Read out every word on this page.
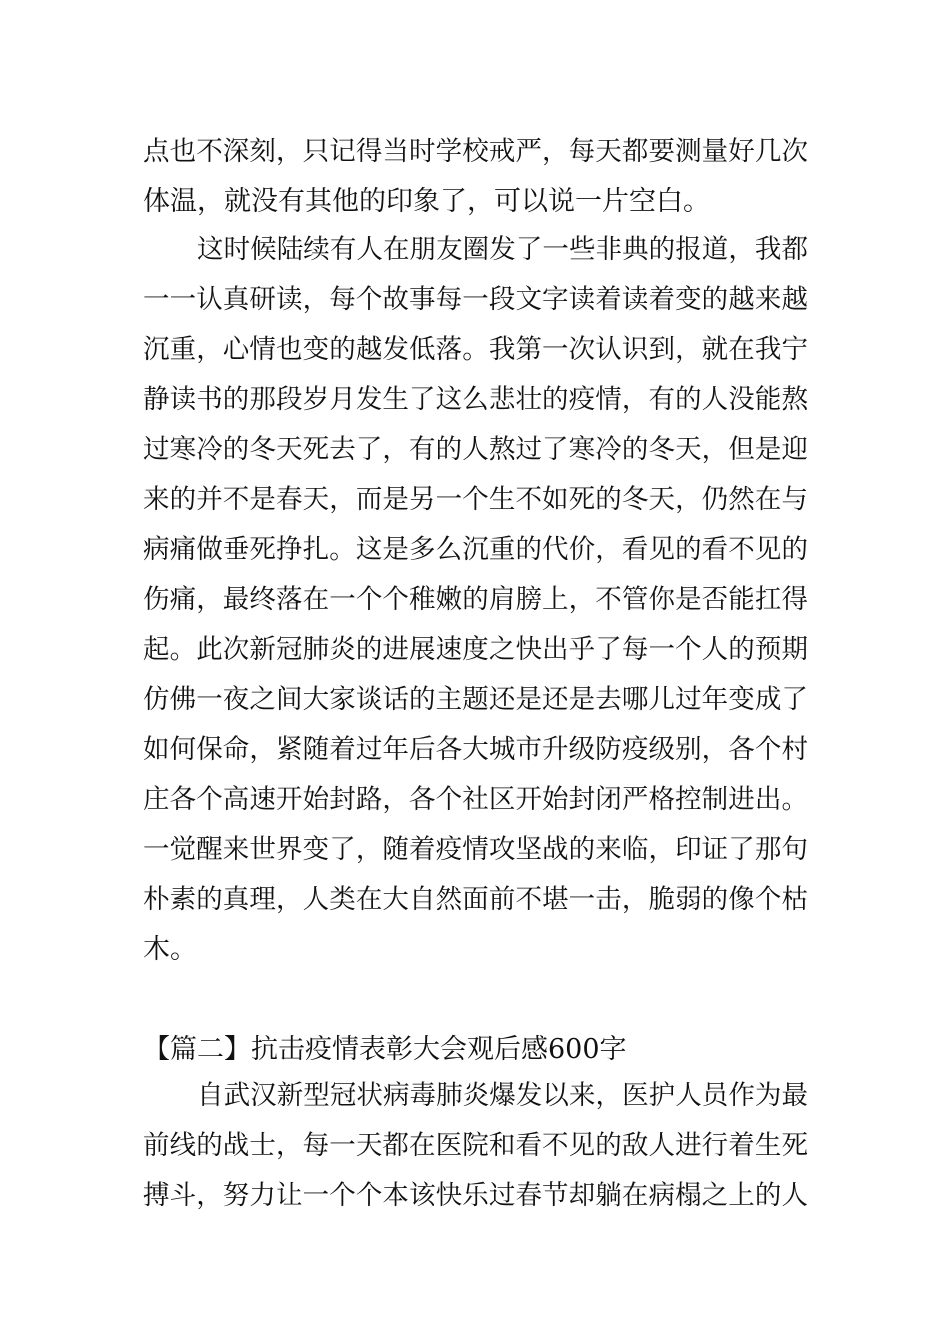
点也不深刻，只记得当时学校戒严，每天都要测量好几次
体温，就没有其他的印象了，可以说一片空白。
这时候陆续有人在朋友圈发了一些非典的报道，我都
一一认真研读，每个故事每一段文字读着读着变的越来越
沉重，心情也变的越发低落。我第一次认识到，就在我宁
静读书的那段岁月发生了这么悲壮的疫情，有的人没能熬
过寒冷的冬天死去了，有的人熬过了寒冷的冬天，但是迎
来的并不是春天，而是另一个生不如死的冬天，仍然在与
病痛做垂死挣扎。这是多么沉重的代价，看见的看不见的
伤痛，最终落在一个个稚嫩的肩膀上，不管你是否能扛得
起。此次新冠肺炎的进展速度之快出乎了每一个人的预期
仿佛一夜之间大家谈话的主题还是还是去哪儿过年变成了
如何保命，紧随着过年后各大城市升级防疫级别，各个村
庄各个高速开始封路，各个社区开始封闭严格控制进出。
一觉醒来世界变了，随着疫情攻坚战的来临，印证了那句
朴素的真理，人类在大自然面前不堪一击，脆弱的像个枯
木。
【篇二】抗击疫情表彰大会观后感600字
自武汉新型冠状病毒肺炎爆发以来，医护人员作为最
前线的战士，每一天都在医院和看不见的敌人进行着生死
搏斗，努力让一个个本该快乐过春节却躺在病榻之上的人
